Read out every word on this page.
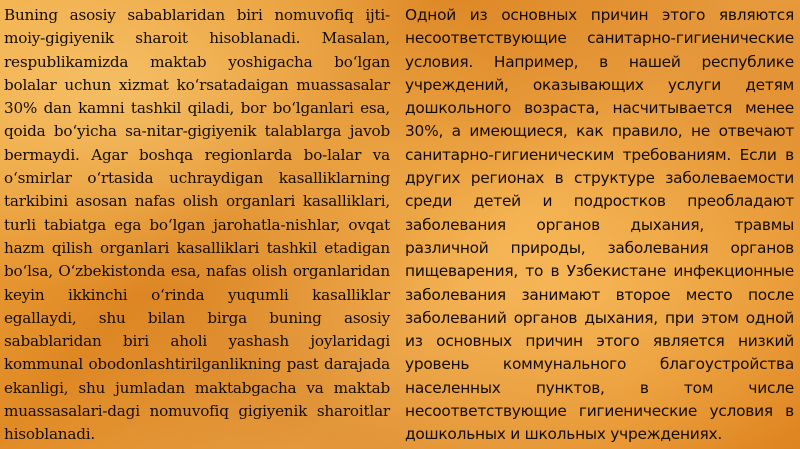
Buning asosiy sabablaridan biri nomuvofiq ijti-moiy-gigiyenik sharoit hisoblanadi. Masalan, respublikamizda maktab yoshigacha bo‘lgan bolalar uchun xizmat ko‘rsatadaigan muassasalar 30% dan kamni tashkil qiladi, bor bo‘lganlari esa, qoida bo‘yicha sa-nitar-gigiyenik talablarga javob bermaydi. Agar boshqa regionlarda bo-lalar va o‘smirlar o‘rtasida uchraydigan kasalliklarning tarkibini asosan nafas olish organlari kasalliklari, turli tabiatga ega bo‘lgan jarohatla-nishlar, ovqat hazm qilish organlari kasalliklari tashkil etadigan bo‘lsa, O‘zbekistonda esa, nafas olish organlaridan keyin ikkinchi o‘rinda yuqumli kasalliklar egallaydi, shu bilan birga buning asosiy sabablaridan biri aholi yashash joylaridagi kommunal obodonlashtirilganlikning past darajada ekanligi, shu jumladan maktabgacha va maktab muassasalari-dagi nomuvofiq gigiyenik sharoitlar hisoblanadi.

Одной из основных причин этого являются несоответствующие санитарно-гигиенические условия. Например, в нашей республике учреждений, оказывающих услуги детям дошкольного возраста, насчитывается менее 30%, а имеющиеся, как правило, не отвечают санитарно-гигиеническим требованиям. Если в других регионах в структуре заболеваемости среди детей и подростков преобладают заболевания органов дыхания, травмы различной природы, заболевания органов пищеварения, то в Узбекистане инфекционные заболевания занимают второе место после заболеваний органов дыхания, при этом одной из основных причин этого является низкий уровень коммунального благоустройства населенных пунктов, в том числе несоответствующие гигиенические условия в дошкольных и школьных учреждениях.
